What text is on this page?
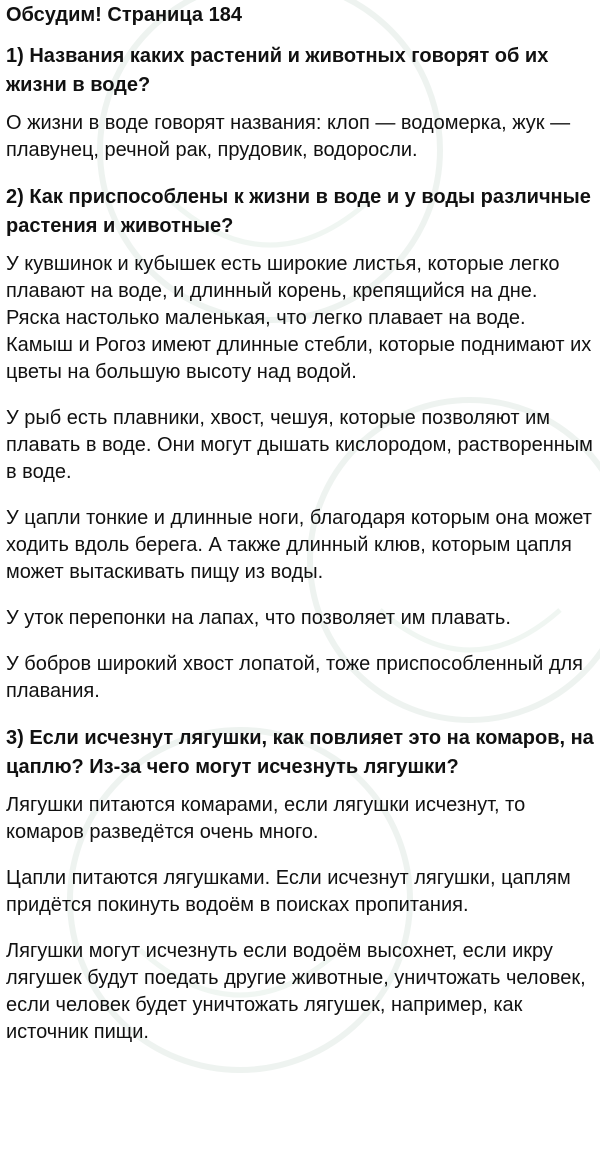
Обсудим! Страница 184
1) Названия каких растений и животных говорят об их жизни в воде?

О жизни в воде говорят названия: клоп — водомерка, жук — плавунец, речной рак, прудовик, водоросли.

2) Как приспособлены к жизни в воде и у воды различные растения и животные?

У кувшинок и кубышек есть широкие листья, которые легко плавают на воде, и длинный корень, крепящийся на дне. Ряска настолько маленькая, что легко плавает на воде. Камыш и Рогоз имеют длинные стебли, которые поднимают их цветы на большую высоту над водой.

У рыб есть плавники, хвост, чешуя, которые позволяют им плавать в воде. Они могут дышать кислородом, растворенным в воде.

У цапли тонкие и длинные ноги, благодаря которым она может ходить вдоль берега. А также длинный клюв, которым цапля может вытаскивать пищу из воды.

У уток перепонки на лапах, что позволяет им плавать.

У бобров широкий хвост лопатой, тоже приспособленный для плавания.

3) Если исчезнут лягушки, как повлияет это на комаров, на цаплю? Из-за чего могут исчезнуть лягушки?

Лягушки питаются комарами, если лягушки исчезнут, то комаров разведётся очень много.

Цапли питаются лягушками. Если исчезнут лягушки, цаплям придётся покинуть водоём в поисках пропитания.

Лягушки могут исчезнуть если водоём высохнет, если икру лягушек будут поедать другие животные, уничтожать человек, если человек будет уничтожать лягушек, например, как источник пищи.
